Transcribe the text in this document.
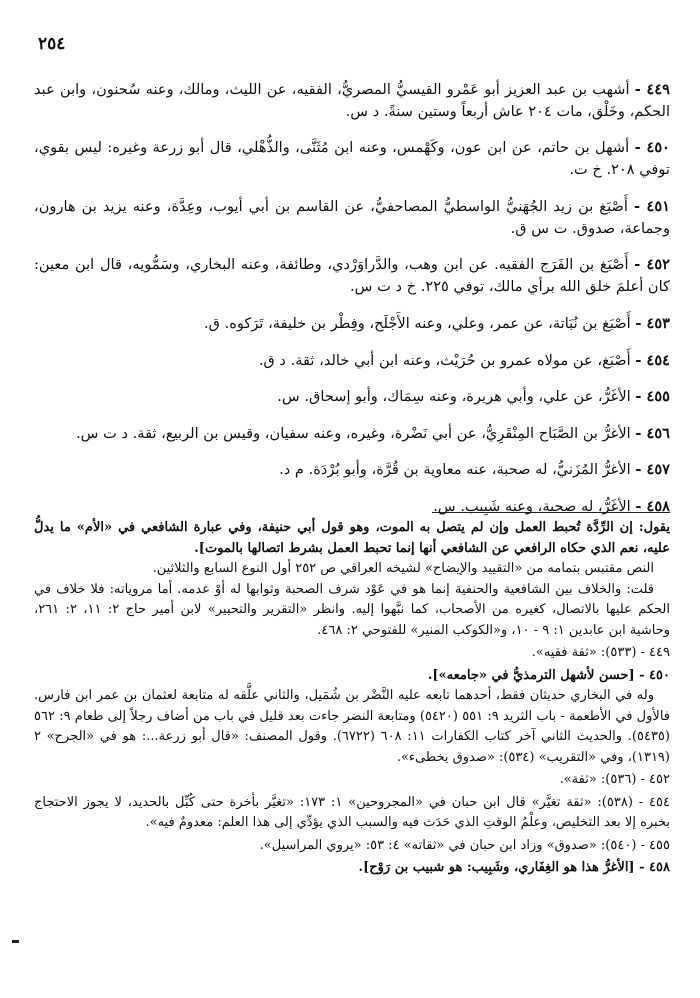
٢٥٤

٤٤٩ - أشهب بن عبد العزيز أبو عَمْرو القيسيُّ المصريُّ، الفقيه، عن الليث، ومالك، وعنه سُحنون، وابن عبد الحكم، وخَلْق، مات ٢٠٤ عاش أربعاً وستين سنةً. د س.

٤٥٠ - أشهل بن حاتم، عن ابن عون، وكَهْمس، وعنه ابن مُثَنَّى، والذُّهْلي، قال أبو زرعة وغيره: ليس بقوي، توفي ٢٠٨. خ ت.

٤٥١ - أَصْبَغ بن زيد الجُهَنيُّ الواسطيُّ المصاحفيُّ، عن القاسم بن أبي أيوب، وعِدَّة، وعنه يزيد بن هارون، وجماعة، صدوق. ت س ق.

٤٥٢ - أَصْبَغ بن الفَرَج الفقيه. عن ابن وهب، والدَّراوَرْدي، وطائفة، وعنه البخاري، وسَمُّويه، قال ابن معين: كان أعلمَ خلق الله برأي مالك، توفي ٢٢٥. خ د ت س.

٤٥٣ - أَصْبَغ بن نُبَاتة، عن عمر، وعلي، وعنه الأَجْلَح، وفِطْر بن خليفة، تَرَكوه. ق.

٤٥٤ - أَصْبَغ، عن مولاه عمرو بن حُرَيْث، وعنه ابن أبي خالد، ثقة. د ق.

٤٥٥ - الأغَرُّ، عن علي، وأبي هريرة، وعنه سِمَاك، وأبو إسحاق. س.

٤٥٦ - الأغرُّ بن الصَّبَاح المِنْقَرِيُّ، عن أبي نَضْرة، وغيره، وعنه سفيان، وقيس بن الربيع، ثقة. د ت س.

٤٥٧ - الأغرُّ المُزَنيُّ، له صحبة، عنه معاوية بن قُرَّة، وأبو بُرْدَة. م د.

٤٥٨ - الأغَرُّ، له صحبة، وعنه شَبِيب. س.

يقول: إن الرِّدَّة تُحبط العمل وإن لم يتصل به الموت، وهو قول أبي حنيفة، وفي عبارة الشافعي في «الأم» ما يدلُّ عليه، نعم الذي حكاه الرافعي عن الشافعي أنها إنما تحبط العمل بشرط اتصالها بالموت].

النص مقتبس بتمامه من «التقييد والإيضاح» لشيخه العراقي ص ٢٥٢ أول النوع السابع والثلاثين.

قلت: والخلاف بين الشافعية والحنفية إنما هو في عَوْد شرف الصحبة وثوابها له أوْ عدمه. أما مروياته: فلا خلاف في الحكم عليها بالاتصال، كغيره من الأصحاب، كما نبَّهوا إليه. وانظر «التقرير والتحبير» لابن أمير حاج ٢: ١١، ٢: ٢٦١، وحاشية ابن عابدين ١: ٩ - ١٠، و«الكوكب المنير» للفتوحي ٢: ٤٦٨.

٤٤٩ - (٥٣٣): «ثقة فقيه».

٤٥٠ - [حسن لأشهل الترمذيُّ في «جامعه»].

وله في البخاري حديثان فقط، أحدهما تابعه عليه النَّضْر بن شُمَيل، والثاني علَّقه له متابعة لعثمان بن عمر ابن فارس. فالأول في الأطعمة - باب الثريد ٩: ٥٥١ (٥٤٢٠) ومتابعة النضر جاءت بعد قليل في باب من أضاف رجلاً إلى طعام ٩: ٥٦٢ (٥٤٣٥). والحديث الثاني آخر كتاب الكفارات ١١: ٦٠٨ (٦٧٢٢). وقول المصنف: «قال أبو زرعة...: هو في «الجرح» ٢ (١٣١٩)، وفي «التقريب» (٥٣٤): «صدوق يخطىء».

٤٥٢ - (٥٣٦): «ثقة».

٤٥٤ - (٥٣٨): «ثقة تغيَّر» قال ابن حبان في «المجروحين» ١: ١٧٣: «تغيَّر بأخرة حتى كُبِّل بالحديد، لا يجوز الاحتجاج بخبره إلا بعد التخليص، وعلْمُ الوقتِ الذي حَدَث فيه والسبب الذي يؤدِّي إلى هذا العلم: معدومٌ فيه».

٤٥٥ - (٥٤٠): «صدوق» وزاد ابن حبان في «ثقاته» ٤: ٥٣: «يروي المراسيل».

٤٥٨ - [الأغرُّ هذا هو الغِفَاري، وشَبِيب: هو شبيب بن رَوْح].
